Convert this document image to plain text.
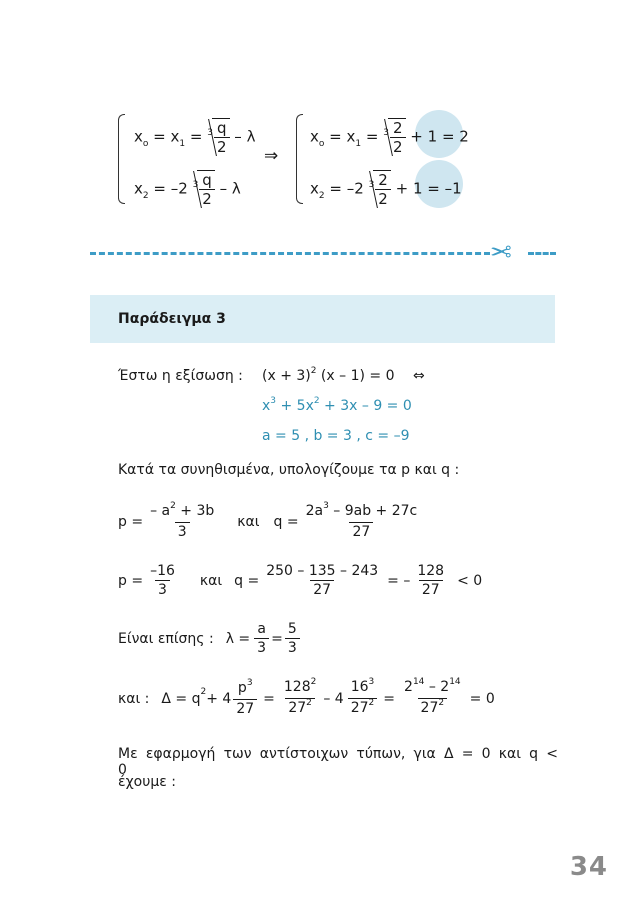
$x_o = x_1 = 3 \frac{q}{2} - \lambda$
$x_2 = -2$ $3 \frac{q}{2}$ – λ
⇒
$x_o = x_1 = 3 \frac{2}{2} + 1 = 2$
$x_2 = -2$ $3 \frac{2}{2} + 1 = -1$
✂
Παράδειγμα 3
Έστω η εξίσωση : $(x + 3)^2$ (x – 1) = 0 ⇔
$x^3 + 5x^2 + 3x - 9 = 0$
a = 5 , b = 3 , c = –9
Κατά τα συνηθισμένα, υπολογίζουμε τα p και q :
$p = \frac{- a^2 + 3b}{3}$ και $q = \frac{2a^3 - 9ab + 27c}{27}$
$p = \frac{-16}{3}$ και $q = \frac{250 - 135 - 243}{27}$ = – $\frac{128}{27} < 0$
Είναι επίσης : $\lambda = \frac{a}{3} = \frac{5}{3}$
και : Δ = q $2 + 4 \frac{p^3}{27} = \frac{128^2}{27^2} - 4 \frac{16^3}{27^2} = \frac{2^{14} - 2^{14}}{27^2} = 0$
Με εφαρμογή των αντίστοιχων τύπων, για Δ = 0 και q < 0
έχουμε :
34
